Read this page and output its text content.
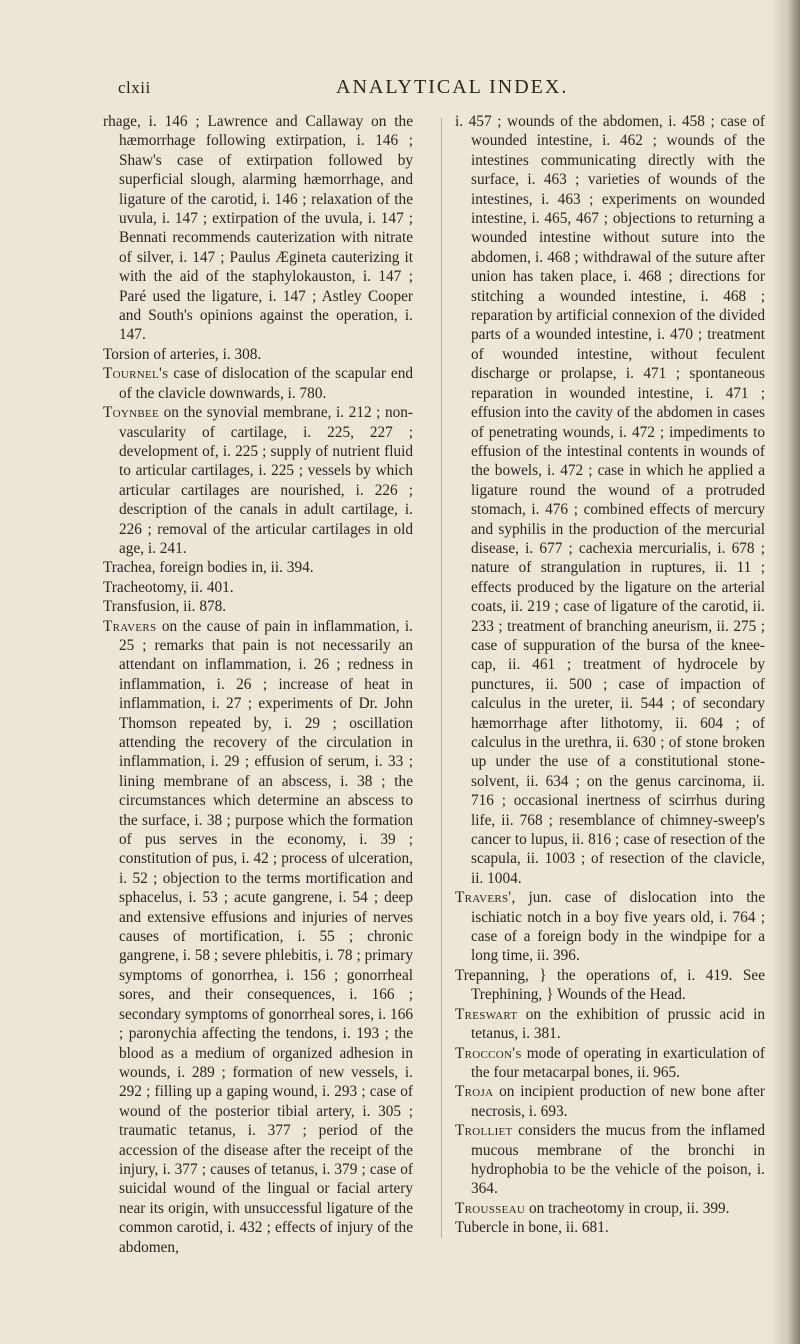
clxii	ANALYTICAL INDEX.

rhage, i. 146 ; Lawrence and Callaway on the hæmorrhage following extirpation, i. 146 ; Shaw's case of extirpation followed by superficial slough, alarming hæmorrhage, and ligature of the carotid, i. 146 ; relaxation of the uvula, i. 147 ; extirpation of the uvula, i. 147 ; Bennati recommends cauterization with nitrate of silver, i. 147 ; Paulus Ægineta cauterizing it with the aid of the staphylokauston, i. 147 ; Paré used the ligature, i. 147 ; Astley Cooper and South's opinions against the operation, i. 147.

Torsion of arteries, i. 308.

Tournel's case of dislocation of the scapular end of the clavicle downwards, i. 780.

Toynbee on the synovial membrane, i. 212 ; non-vascularity of cartilage, i. 225, 227 ; development of, i. 225 ; supply of nutrient fluid to articular cartilages, i. 225 ; vessels by which articular cartilages are nourished, i. 226 ; description of the canals in adult cartilage, i. 226 ; removal of the articular cartilages in old age, i. 241.

Trachea, foreign bodies in, ii. 394.

Tracheotomy, ii. 401.

Transfusion, ii. 878.

Travers on the cause of pain in inflammation, i. 25 ; remarks that pain is not necessarily an attendant on inflammation, i. 26 ; redness in inflammation, i. 26 ; increase of heat in inflammation, i. 27 ; experiments of Dr. John Thomson repeated by, i. 29 ; oscillation attending the recovery of the circulation in inflammation, i. 29 ; effusion of serum, i. 33 ; lining membrane of an abscess, i. 38 ; the circumstances which determine an abscess to the surface, i. 38 ; purpose which the formation of pus serves in the economy, i. 39 ; constitution of pus, i. 42 ; process of ulceration, i. 52 ; objection to the terms mortification and sphacelus, i. 53 ; acute gangrene, i. 54 ; deep and extensive effusions and injuries of nerves causes of mortification, i. 55 ; chronic gangrene, i. 58 ; severe phlebitis, i. 78 ; primary symptoms of gonorrhea, i. 156 ; gonorrheal sores, and their consequences, i. 166 ; secondary symptoms of gonorrheal sores, i. 166 ; paronychia affecting the tendons, i. 193 ; the blood as a medium of organized adhesion in wounds, i. 289 ; formation of new vessels, i. 292 ; filling up a gaping wound, i. 293 ; case of wound of the posterior tibial artery, i. 305 ; traumatic tetanus, i. 377 ; period of the accession of the disease after the receipt of the injury, i. 377 ; causes of tetanus, i. 379 ; case of suicidal wound of the lingual or facial artery near its origin, with unsuccessful ligature of the common carotid, i. 432 ; effects of injury of the abdomen,

i. 457 ; wounds of the abdomen, i. 458 ; case of wounded intestine, i. 462 ; wounds of the intestines communicating directly with the surface, i. 463 ; varieties of wounds of the intestines, i. 463 ; experiments on wounded intestine, i. 465, 467 ; objections to returning a wounded intestine without suture into the abdomen, i. 468 ; withdrawal of the suture after union has taken place, i. 468 ; directions for stitching a wounded intestine, i. 468 ; reparation by artificial connexion of the divided parts of a wounded intestine, i. 470 ; treatment of wounded intestine, without feculent discharge or prolapse, i. 471 ; spontaneous reparation in wounded intestine, i. 471 ; effusion into the cavity of the abdomen in cases of penetrating wounds, i. 472 ; impediments to effusion of the intestinal contents in wounds of the bowels, i. 472 ; case in which he applied a ligature round the wound of a protruded stomach, i. 476 ; combined effects of mercury and syphilis in the production of the mercurial disease, i. 677 ; cachexia mercurialis, i. 678 ; nature of strangulation in ruptures, ii. 11 ; effects produced by the ligature on the arterial coats, ii. 219 ; case of ligature of the carotid, ii. 233 ; treatment of branching aneurism, ii. 275 ; case of suppuration of the bursa of the knee-cap, ii. 461 ; treatment of hydrocele by punctures, ii. 500 ; case of impaction of calculus in the ureter, ii. 544 ; of secondary hæmorrhage after lithotomy, ii. 604 ; of calculus in the urethra, ii. 630 ; of stone broken up under the use of a constitutional stone-solvent, ii. 634 ; on the genus carcinoma, ii. 716 ; occasional inertness of scirrhus during life, ii. 768 ; resemblance of chimney-sweep's cancer to lupus, ii. 816 ; case of resection of the scapula, ii. 1003 ; of resection of the clavicle, ii. 1004.

Travers', jun. case of dislocation into the ischiatic notch in a boy five years old, i. 764 ; case of a foreign body in the windpipe for a long time, ii. 396.

Trepanning, } the operations of, i. 419. See Trephining, } Wounds of the Head.

Treswart on the exhibition of prussic acid in tetanus, i. 381.

Troccon's mode of operating in exarticulation of the four metacarpal bones, ii. 965.

Troja on incipient production of new bone after necrosis, i. 693.

Trolliet considers the mucus from the inflamed mucous membrane of the bronchi in hydrophobia to be the vehicle of the poison, i. 364.

Trousseau on tracheotomy in croup, ii. 399.

Tubercle in bone, ii. 681.
